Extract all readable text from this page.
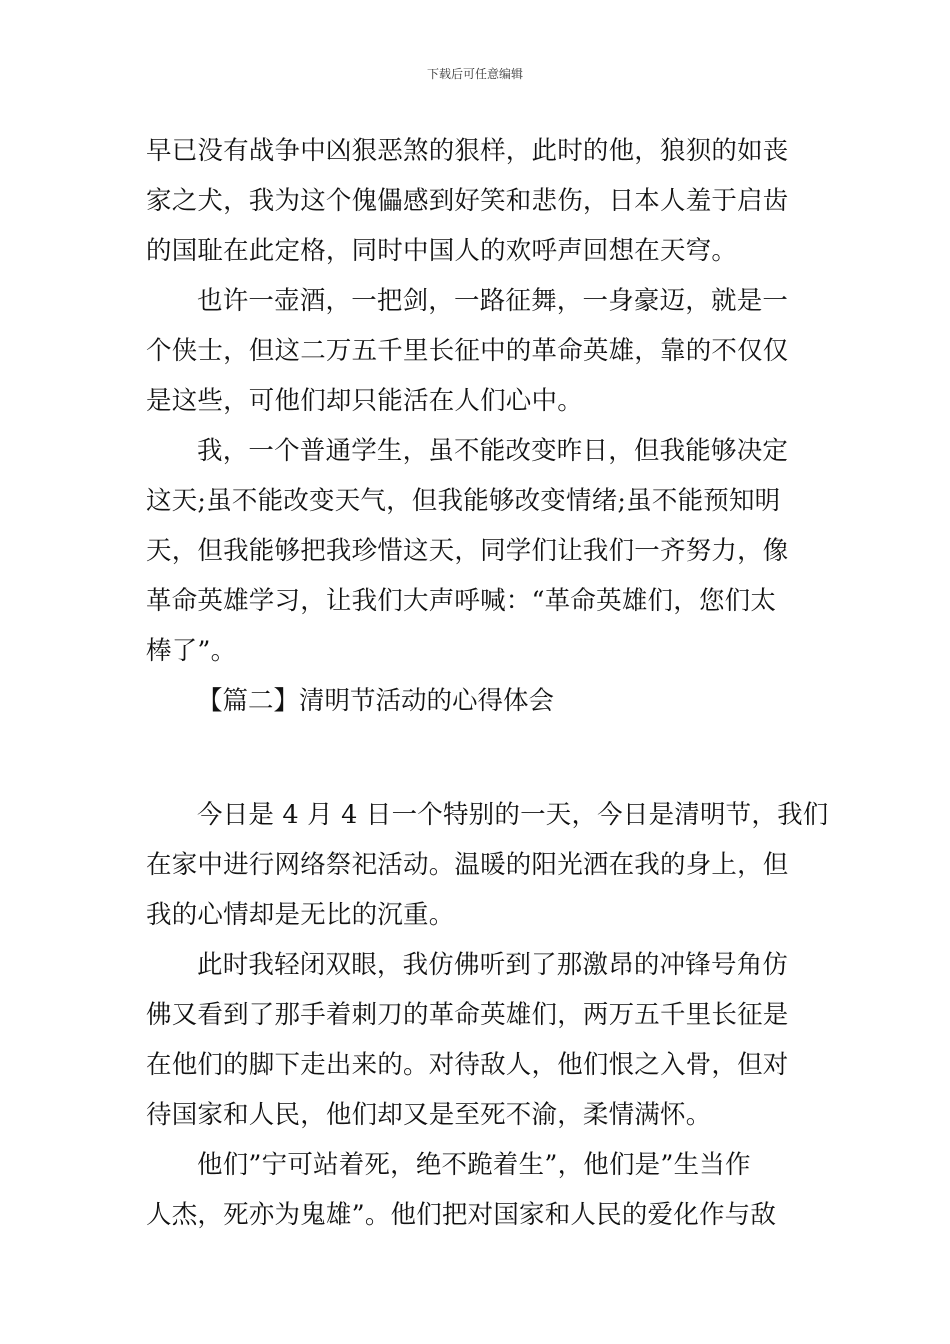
下载后可任意编辑

早已没有战争中凶狠恶煞的狠样，此时的他，狼狈的如丧
家之犬，我为这个傀儡感到好笑和悲伤，日本人羞于启齿
的国耻在此定格，同时中国人的欢呼声回想在天穹。

也许一壶酒，一把剑，一路征舞，一身豪迈，就是一
个侠士，但这二万五千里长征中的革命英雄，靠的不仅仅
是这些，可他们却只能活在人们心中。

我，一个普通学生，虽不能改变昨日，但我能够决定
这天;虽不能改变天气，但我能够改变情绪;虽不能预知明
天，但我能够把我珍惜这天，同学们让我们一齐努力，像
革命英雄学习，让我们大声呼喊：“革命英雄们，您们太
棒了”。

【篇二】清明节活动的心得体会

今日是 4 月 4 日一个特别的一天，今日是清明节，我们
在家中进行网络祭祀活动。温暖的阳光洒在我的身上，但
我的心情却是无比的沉重。

此时我轻闭双眼，我仿佛听到了那激昂的冲锋号角仿
佛又看到了那手着刺刀的革命英雄们，两万五千里长征是
在他们的脚下走出来的。对待敌人，他们恨之入骨，但对
待国家和人民，他们却又是至死不渝，柔情满怀。

他们”宁可站着死，绝不跪着生”，他们是”生当作
人杰，死亦为鬼雄”。他们把对国家和人民的爱化作与敌
